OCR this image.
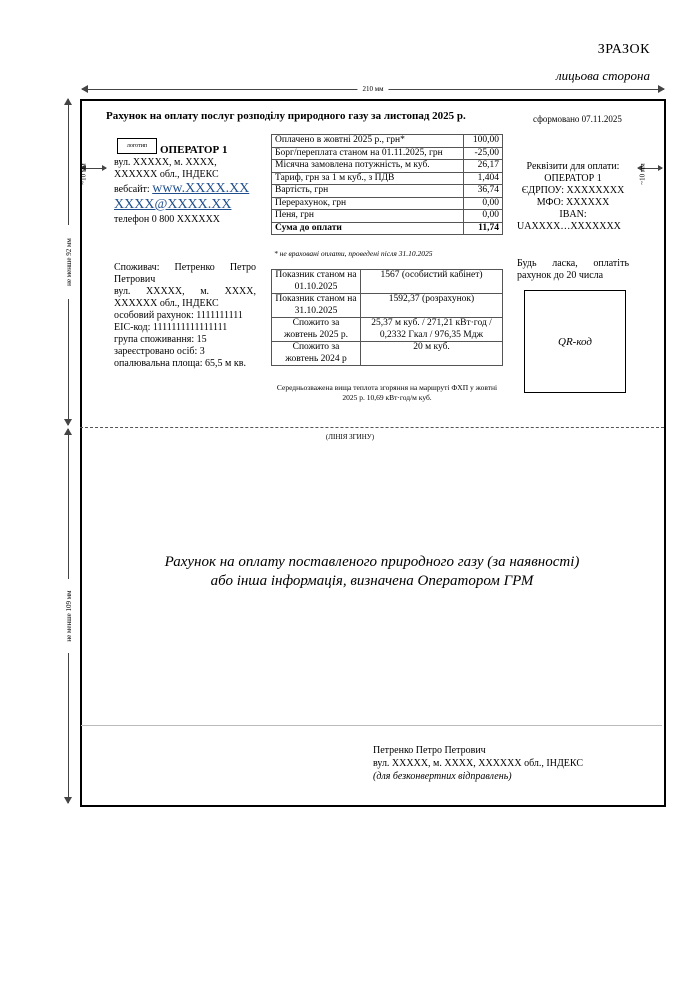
ЗРАЗОК
лицьова сторона
210 мм
не менше 92 мм
не менше 109 мм
~10 мм	~10 мм
Рахунок на оплату послуг розподілу природного газу за листопад 2025 р.	сформовано 07.11.2025
логотип	ОПЕРАТОР 1
вул. XXXXX, м. XXXX,
XXXXXX обл., ІНДЕКС
вебсайт: www.XXXX.XX
XXXX@XXXX.XX
телефон 0 800 XXXXXX
Споживач: Петренко Петро
Петрович
вул. XXXXX, м. XXXX,
XXXXXX обл., ІНДЕКС
особовий рахунок: 1111111111
EIC-код: 1111111111111111
група споживання: 15
зареєстровано осіб: 3
опалювальна площа: 65,5 м кв.
Оплачено в жовтні 2025 р., грн*	100,00
Борг/переплата станом на 01.11.2025, грн	-25,00
Місячна замовлена потужність, м куб.	26,17
Тариф, грн за 1 м куб., з ПДВ	1,404
Вартість, грн	36,74
Перерахунок, грн	0,00
Пеня, грн	0,00
Сума до оплати	11,74
* не враховані оплати, проведені після 31.10.2025
Показник станом на 01.10.2025	1567 (особистий кабінет)
Показник станом на 31.10.2025	1592,37 (розрахунок)
Спожито за жовтень 2025 р.	25,37 м куб. / 271,21 кВт·год / 0,2332 Гкал / 976,35 Мдж
Спожито за жовтень 2024 р	20 м куб.
Середньозважена вища теплота згоряння на маршруті ФХП у жовтні 2025 р. 10,69 кВт·год/м куб.
Реквізити для оплати:
ОПЕРАТОР 1
ЄДРПОУ: XXXXXXXX
МФО: XXXXXX
IBAN:
UAXXXX…XXXXXXX
Будь ласка, оплатіть рахунок до 20 числа
QR-код
(ЛІНІЯ ЗГИНУ)
Рахунок на оплату поставленого природного газу (за наявності)
або інша інформація, визначена Оператором ГРМ
Петренко Петро Петрович
вул. XXXXX, м. XXXX, XXXXXX обл., ІНДЕКС
(для безконвертних відправлень)
